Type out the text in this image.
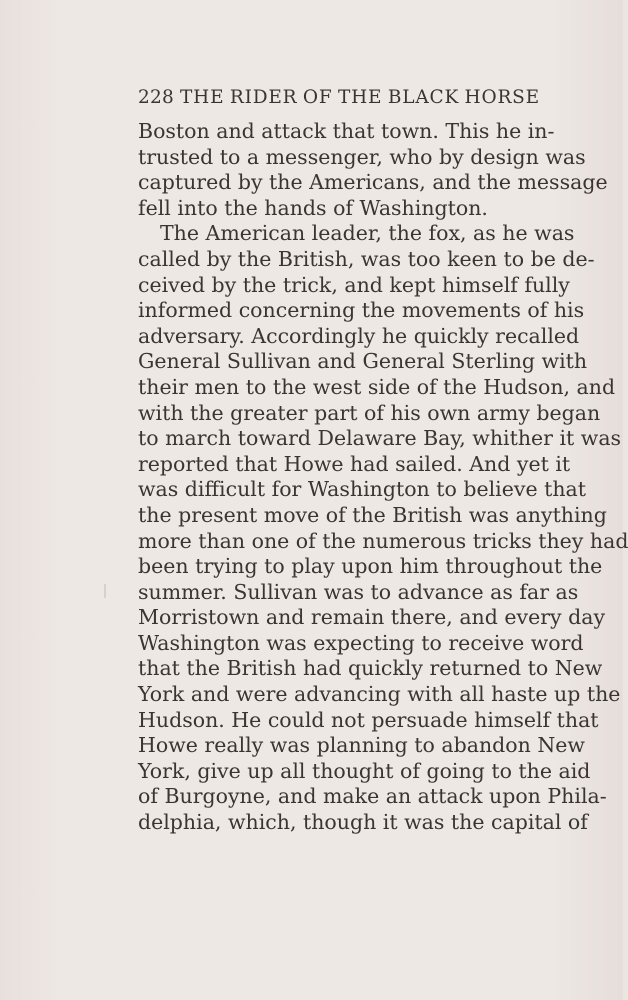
228 THE RIDER OF THE BLACK HORSE
Boston and attack that town. This he in-
trusted to a messenger, who by design was
captured by the Americans, and the message
fell into the hands of Washington.
The American leader, the fox, as he was
called by the British, was too keen to be de-
ceived by the trick, and kept himself fully
informed concerning the movements of his
adversary. Accordingly he quickly recalled
General Sullivan and General Sterling with
their men to the west side of the Hudson, and
with the greater part of his own army began
to march toward Delaware Bay, whither it was
reported that Howe had sailed. And yet it
was difficult for Washington to believe that
the present move of the British was anything
more than one of the numerous tricks they had
been trying to play upon him throughout the
summer. Sullivan was to advance as far as
Morristown and remain there, and every day
Washington was expecting to receive word
that the British had quickly returned to New
York and were advancing with all haste up the
Hudson. He could not persuade himself that
Howe really was planning to abandon New
York, give up all thought of going to the aid
of Burgoyne, and make an attack upon Phila-
delphia, which, though it was the capital of
